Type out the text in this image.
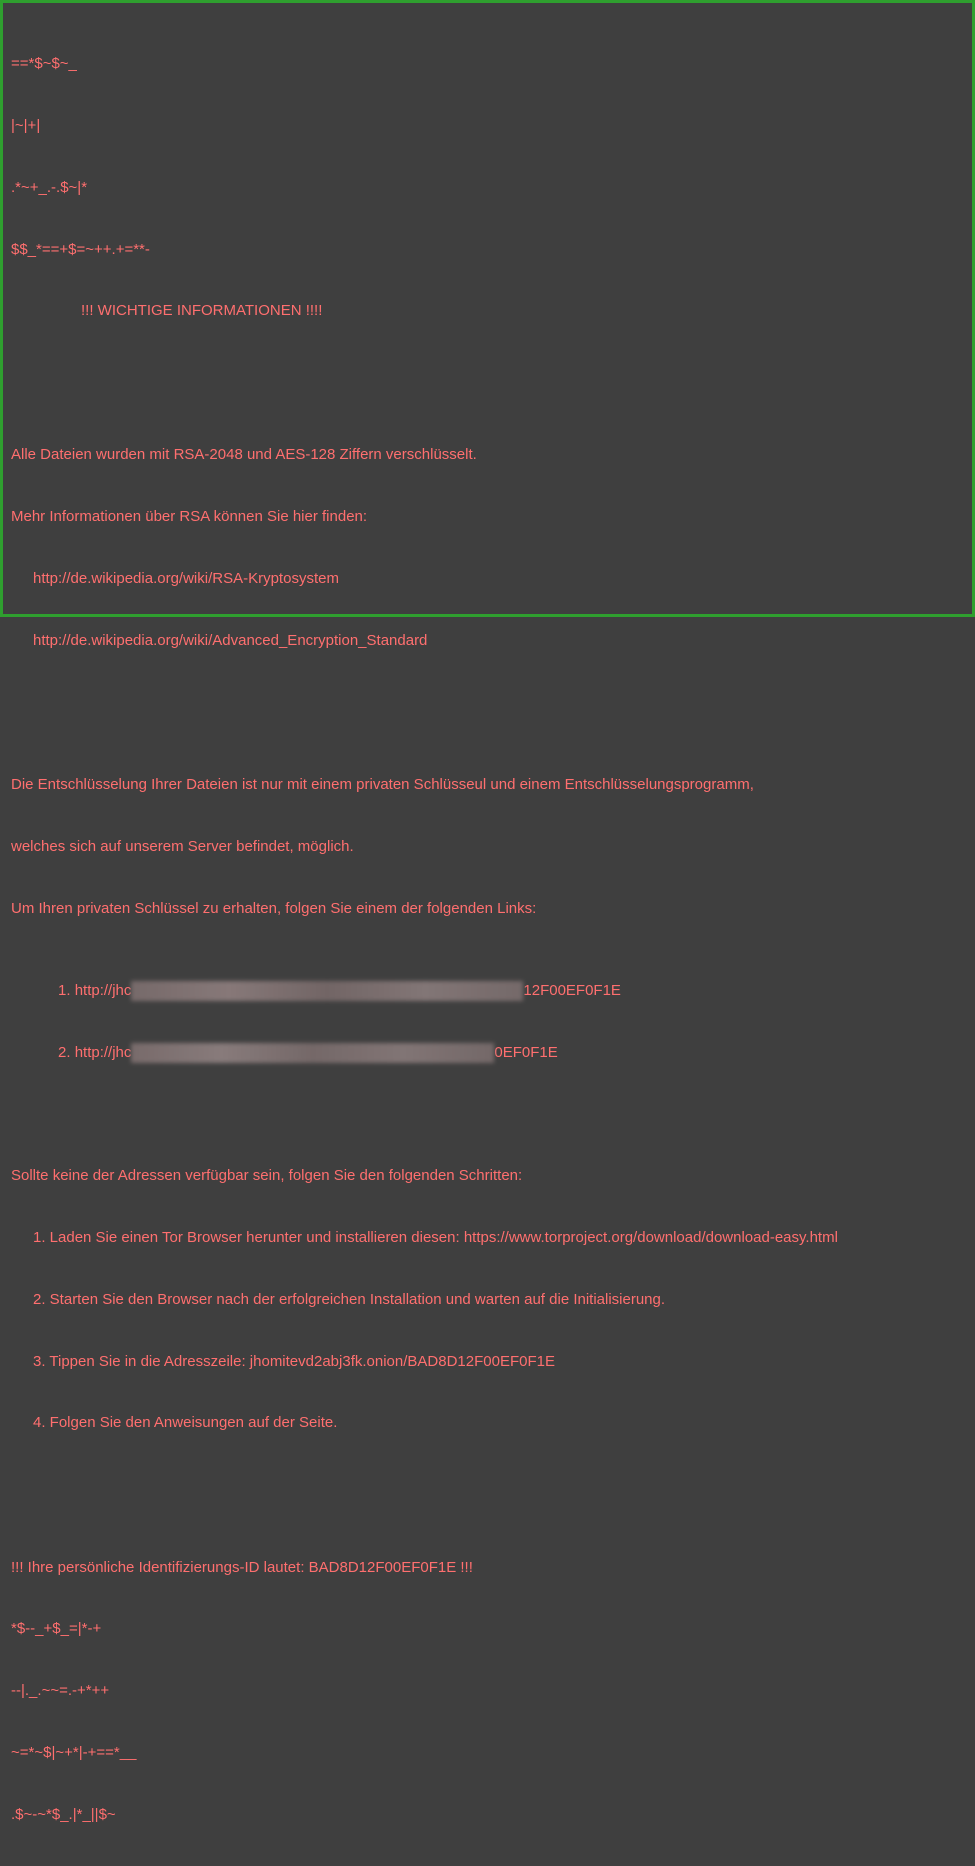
==*$~$~_

|~|+|

.*~+_.-.$~|*

$$_*==+$=~++.+=**-

!!! WICHTIGE INFORMATIONEN !!!!

Alle Dateien wurden mit RSA-2048 und AES-128 Ziffern verschlüsselt.

Mehr Informationen über RSA können Sie hier finden:

http://de.wikipedia.org/wiki/RSA-Kryptosystem

http://de.wikipedia.org/wiki/Advanced_Encryption_Standard

Die Entschlüsselung Ihrer Dateien ist nur mit einem privaten Schlüsseul und einem Entschlüsselungsprogramm,

welches sich auf unserem Server befindet, möglich.

Um Ihren privaten Schlüssel zu erhalten, folgen Sie einem der folgenden Links:

1. http://jhc	12F00EF0F1E

2. http://jhc	0EF0F1E

Sollte keine der Adressen verfügbar sein, folgen Sie den folgenden Schritten:

1. Laden Sie einen Tor Browser herunter und installieren diesen: https://www.torproject.org/download/download-easy.html

2. Starten Sie den Browser nach der erfolgreichen Installation und warten auf die Initialisierung.

3. Tippen Sie in die Adresszeile: jhomitevd2abj3fk.onion/BAD8D12F00EF0F1E

4. Folgen Sie den Anweisungen auf der Seite.

!!! Ihre persönliche Identifizierungs-ID lautet: BAD8D12F00EF0F1E !!!

*$--_+$_=|*-+

--|._.~~=.-+*++

~=*~$|~+*|-+==*__

.$~-~*$_.|*_||$~
